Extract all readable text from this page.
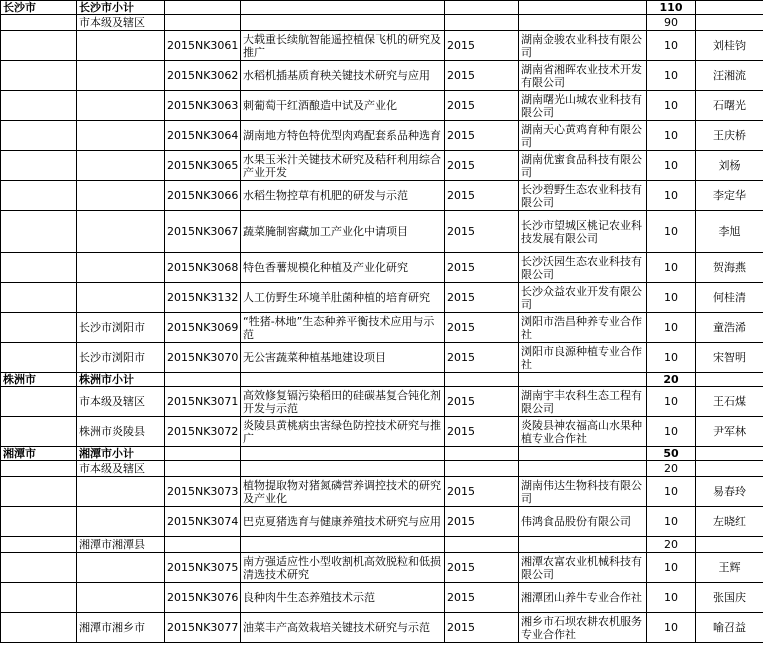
长沙市	长沙市小计					110	
	市本级及辖区					90	
		2015NK3061	大载重长续航智能遥控植保飞机的研究及推广	2015	湖南金骏农业科技有限公司	10	刘桂钧
		2015NK3062	水稻机插基质育秧关键技术研究与应用	2015	湖南省湘晖农业技术开发有限公司	10	汪湘流
		2015NK3063	刺葡萄干红酒酿造中试及产业化	2015	湖南曙光山城农业科技有限公司	10	石曙光
		2015NK3064	湖南地方特色特优型肉鸡配套系品种选育	2015	湖南天心黄鸡育种有限公司	10	王庆桥
		2015NK3065	水果玉米汁关键技术研究及秸秆利用综合产业开发	2015	湖南优蜜食品科技有限公司	10	刘杨
		2015NK3066	水稻生物控草有机肥的研发与示范	2015	长沙碧野生态农业科技有限公司	10	李定华
		2015NK3067	蔬菜腌制窖藏加工产业化中请项目	2015	长沙市望城区桃记农业科技发展有限公司	10	李旭
		2015NK3068	特色香薯规模化种植及产业化研究	2015	长沙沃园生态农业科技有限公司	10	贺海燕
		2015NK3132	人工仿野生环境羊肚菌种植的培育研究	2015	长沙众益农业开发有限公司	10	何桂清
	长沙市浏阳市	2015NK3069	“牲猪-林地”生态种养平衡技术应用与示范	2015	浏阳市浩昌种养专业合作社	10	童浩浠
	长沙市浏阳市	2015NK3070	无公害蔬菜种植基地建设项目	2015	浏阳市良源种植专业合作社	10	宋智明
株洲市	株洲市小计					20	
	市本级及辖区	2015NK3071	高效修复镉污染稻田的硅碳基复合钝化剂开发与示范	2015	湖南宇丰农科生态工程有限公司	10	王石煤
	株洲市炎陵县	2015NK3072	炎陵县黄桃病虫害绿色防控技术研究与推广	2015	炎陵县神农福高山水果种植专业合作社	10	尹军林
湘潭市	湘潭市小计					50	
	市本级及辖区					20	
		2015NK3073	植物提取物对猪氮磷营养调控技术的研究及产业化	2015	湖南伟达生物科技有限公司	10	易春玲
		2015NK3074	巴克夏猪选育与健康养殖技术研究与应用	2015	伟鸿食品股份有限公司	10	左晓红
	湘潭市湘潭县					20	
		2015NK3075	南方强适应性小型收割机高效脱粒和低损清选技术研究	2015	湘潭农富农业机械科技有限公司	10	王辉
		2015NK3076	良种肉牛生态养殖技术示范	2015	湘潭团山养牛专业合作社	10	张国庆
	湘潭市湘乡市	2015NK3077	油菜丰产高效栽培关键技术研究与示范	2015	湘乡市石坝农耕农机服务专业合作社	10	喻召益
